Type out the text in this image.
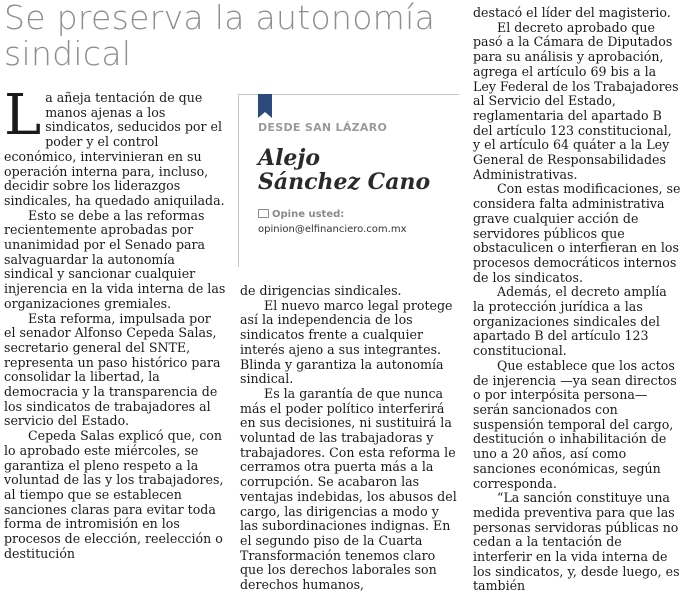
Se preserva la autonomía sindical

La añeja tentación de que manos ajenas a los sindicatos, seducidos por el poder y el control económico, intervinieran en su operación interna para, incluso, decidir sobre los liderazgos sindicales, ha quedado aniquilada.

Esto se debe a las reformas recientemente aprobadas por unanimidad por el Senado para salvaguardar la autonomía sindical y sancionar cualquier injerencia en la vida interna de las organizaciones gremiales.

Esta reforma, impulsada por el senador Alfonso Cepeda Salas, secretario general del SNTE, representa un paso histórico para consolidar la libertad, la democracia y la transparencia de los sindicatos de trabajadores al servicio del Estado.

Cepeda Salas explicó que, con lo aprobado este miércoles, se garantiza el pleno respeto a la voluntad de las y los trabajadores, al tiempo que se establecen sanciones claras para evitar toda forma de intromisión en los procesos de elección, reelección o destitución

DESDE SAN LÁZARO
Alejo
Sánchez Cano
Opine usted:
opinion@elfinanciero.com.mx

de dirigencias sindicales.

El nuevo marco legal protege así la independencia de los sindicatos frente a cualquier interés ajeno a sus integrantes. Blinda y garantiza la autonomía sindical.

Es la garantía de que nunca más el poder político interferirá en sus decisiones, ni sustituirá la voluntad de las trabajadoras y trabajadores. Con esta reforma le cerramos otra puerta más a la corrupción. Se acabaron las ventajas indebidas, los abusos del cargo, las dirigencias a modo y las subordinaciones indignas. En el segundo piso de la Cuarta Transformación tenemos claro que los derechos laborales son derechos humanos,

destacó el líder del magisterio.

El decreto aprobado que pasó a la Cámara de Diputados para su análisis y aprobación, agrega el artículo 69 bis a la Ley Federal de los Trabajadores al Servicio del Estado, reglamentaria del apartado B del artículo 123 constitucional, y el artículo 64 quáter a la Ley General de Responsabilidades Administrativas.

Con estas modificaciones, se considera falta administrativa grave cualquier acción de servidores públicos que obstaculicen o interfieran en los procesos democráticos internos de los sindicatos.

Además, el decreto amplía la protección jurídica a las organizaciones sindicales del apartado B del artículo 123 constitucional.

Que establece que los actos de injerencia —ya sean directos o por interpósita persona— serán sancionados con suspensión temporal del cargo, destitución o inhabilitación de uno a 20 años, así como sanciones económicas, según corresponda.

“La sanción constituye una medida preventiva para que las personas servidoras públicas no cedan a la tentación de interferir en la vida interna de los sindicatos, y, desde luego, es también
